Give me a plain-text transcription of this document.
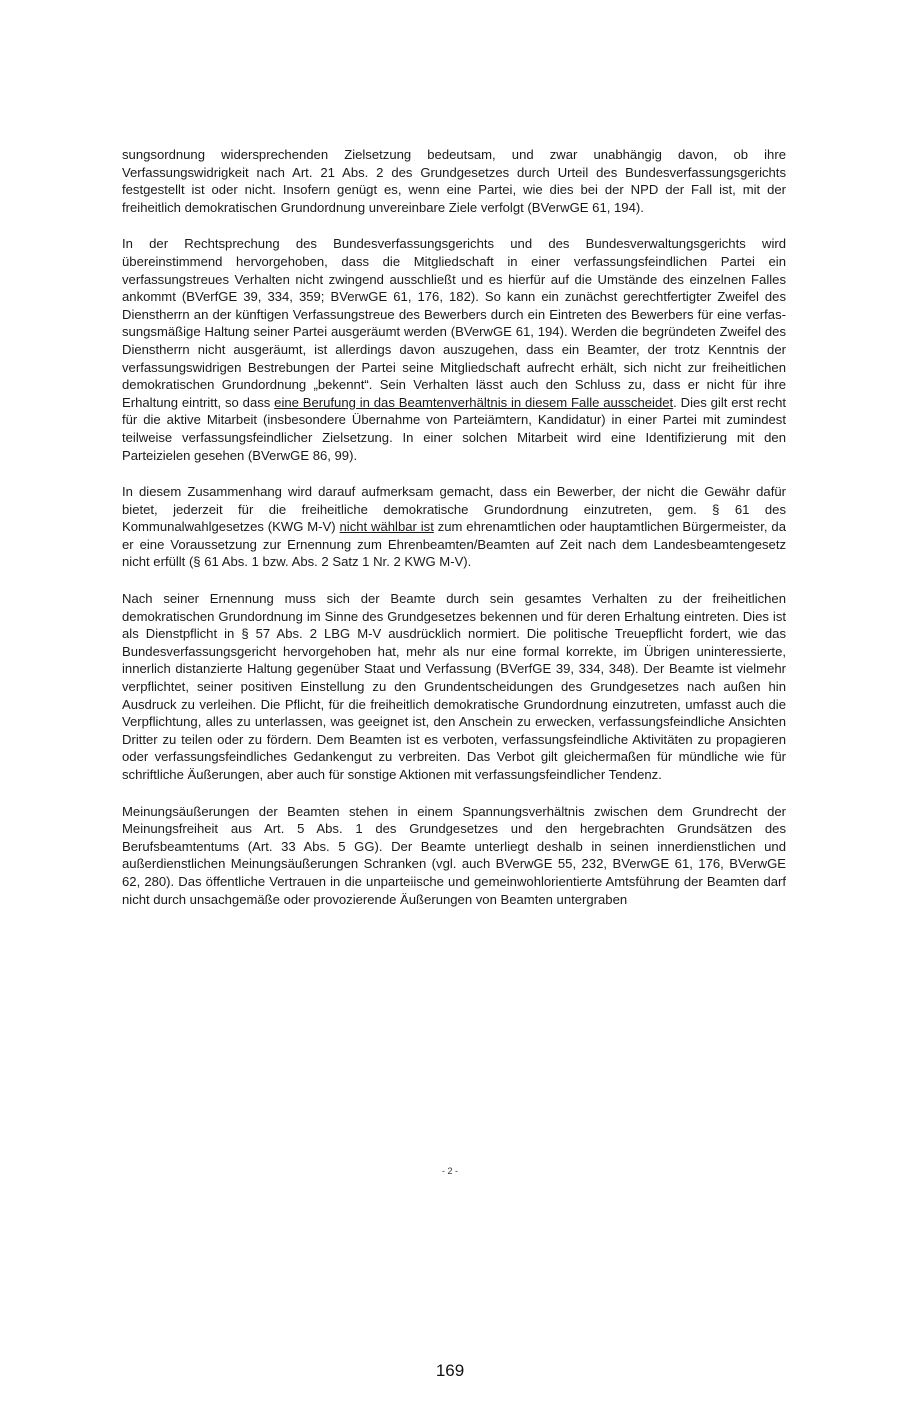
sungsordnung widersprechenden Zielsetzung bedeutsam, und zwar unabhängig davon, ob ihre Verfassungswidrigkeit nach Art. 21 Abs. 2 des Grundgesetzes durch Urteil des Bundesverfassungsgerichts festgestellt ist oder nicht. Insofern genügt es, wenn eine Partei, wie dies bei der NPD der Fall ist, mit der freiheitlich demokratischen Grundordnung unvereinbare Ziele verfolgt (BVerwGE 61, 194).

In der Rechtsprechung des Bundesverfassungsgerichts und des Bundesverwaltungsgerichts wird übereinstimmend hervorgehoben, dass die Mitgliedschaft in einer verfassungsfeindlichen Partei ein verfassungstreues Verhalten nicht zwingend ausschließt und es hierfür auf die Umstände des einzelnen Falles ankommt (BVerfGE 39, 334, 359; BVerwGE 61, 176, 182). So kann ein zunächst gerechtfertigter Zweifel des Dienstherrn an der künftigen Verfassungstreue des Bewerbers durch ein Eintreten des Bewerbers für eine verfassungsmäßige Haltung seiner Partei ausgeräumt werden (BVerwGE 61, 194). Werden die begründeten Zweifel des Dienstherrn nicht ausgeräumt, ist allerdings davon auszugehen, dass ein Beamter, der trotz Kenntnis der verfassungswidrigen Bestrebungen der Partei seine Mitgliedschaft aufrecht erhält, sich nicht zur freiheitlichen demokratischen Grundordnung „bekennt“. Sein Verhalten lässt auch den Schluss zu, dass er nicht für ihre Erhaltung eintritt, so dass eine Berufung in das Beamtenverhältnis in diesem Falle ausscheidet. Dies gilt erst recht für die aktive Mitarbeit (insbesondere Übernahme von Parteiämtern, Kandidatur) in einer Partei mit zumindest teilweise verfassungsfeindlicher Zielsetzung. In einer solchen Mitarbeit wird eine Identifizierung mit den Parteizielen gesehen (BVerwGE 86, 99).

In diesem Zusammenhang wird darauf aufmerksam gemacht, dass ein Bewerber, der nicht die Gewähr dafür bietet, jederzeit für die freiheitliche demokratische Grundordnung einzutreten, gem. § 61 des Kommunalwahlgesetzes (KWG M-V) nicht wählbar ist zum ehrenamtlichen oder hauptamtlichen Bürgermeister, da er eine Voraussetzung zur Ernennung zum Ehrenbeamten/Beamten auf Zeit nach dem Landesbeamtengesetz nicht erfüllt (§ 61 Abs. 1 bzw. Abs. 2 Satz 1 Nr. 2 KWG M-V).

Nach seiner Ernennung muss sich der Beamte durch sein gesamtes Verhalten zu der freiheitlichen demokratischen Grundordnung im Sinne des Grundgesetzes bekennen und für deren Erhaltung eintreten. Dies ist als Dienstpflicht in § 57 Abs. 2 LBG M-V ausdrücklich normiert. Die politische Treuepflicht fordert, wie das Bundesverfassungsgericht hervorgehoben hat, mehr als nur eine formal korrekte, im Übrigen uninteressierte, innerlich distanzierte Haltung gegenüber Staat und Verfassung (BVerfGE 39, 334, 348). Der Beamte ist vielmehr verpflichtet, seiner positiven Einstellung zu den Grundentscheidungen des Grundgesetzes nach außen hin Ausdruck zu verleihen. Die Pflicht, für die freiheitlich demokratische Grundordnung einzutreten, umfasst auch die Verpflichtung, alles zu unterlassen, was geeignet ist, den Anschein zu erwecken, verfassungsfeindliche Ansichten Dritter zu teilen oder zu fördern. Dem Beamten ist es verboten, verfassungsfeindliche Aktivitäten zu propagieren oder verfassungsfeindliches Gedankengut zu verbreiten. Das Verbot gilt gleichermaßen für mündliche wie für schriftliche Äußerungen, aber auch für sonstige Aktionen mit verfassungsfeindlicher Tendenz.

Meinungsäußerungen der Beamten stehen in einem Spannungsverhältnis zwischen dem Grundrecht der Meinungsfreiheit aus Art. 5 Abs. 1 des Grundgesetzes und den hergebrachten Grundsätzen des Berufsbeamtentums (Art. 33 Abs. 5 GG). Der Beamte unterliegt deshalb in seinen innerdienstlichen und außerdienstlichen Meinungsäußerungen Schranken (vgl. auch BVerwGE 55, 232, BVerwGE 61, 176, BVerwGE 62, 280). Das öffentliche Vertrauen in die unparteiische und gemeinwohlorientierte Amtsführung der Beamten darf nicht durch unsachgemäße oder provozierende Äußerungen von Beamten untergraben

- 2 -
169
